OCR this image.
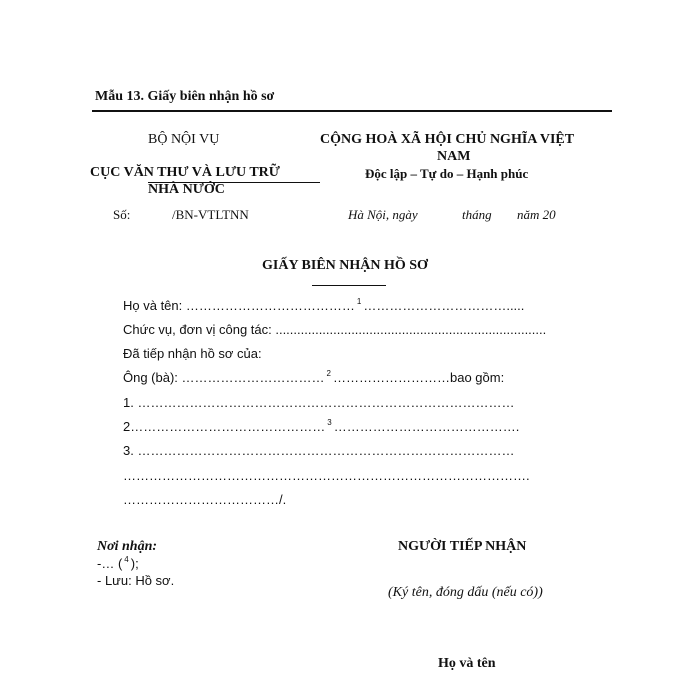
Mẫu 13. Giấy biên nhận hồ sơ
BỘ NỘI VỤ
CỤC VĂN THƯ VÀ LƯU TRỮ
NHÀ NƯỚC
CỘNG HOÀ XÃ HỘI CHỦ NGHĨA VIỆT
NAM
Độc lập – Tự do – Hạnh phúc
Số:	/BN-VTLTNN	Hà Nội, ngày	tháng năm 20
GIẤY BIÊN NHẬN HỒ SƠ
Họ và tên: ………………………………… $^1$ …………………………….....
Chức vụ, đơn vị công tác: ...........................................................................
Đã tiếp nhận hồ sơ của:
Ông (bà): …………………………… $^2$ ………………………bao gồm:
1. ……………………………………………………………………………
2……………………………………… $^3$ …………………………………….
3. ……………………………………………………………………………
………………………………………………………………………………….
………………………………/.
Nơi nhận:
-… ( $^4$ );
- Lưu: Hồ sơ.
NGƯỜI TIẾP NHẬN
(Ký tên, đóng dấu (nếu có))
Họ và tên
